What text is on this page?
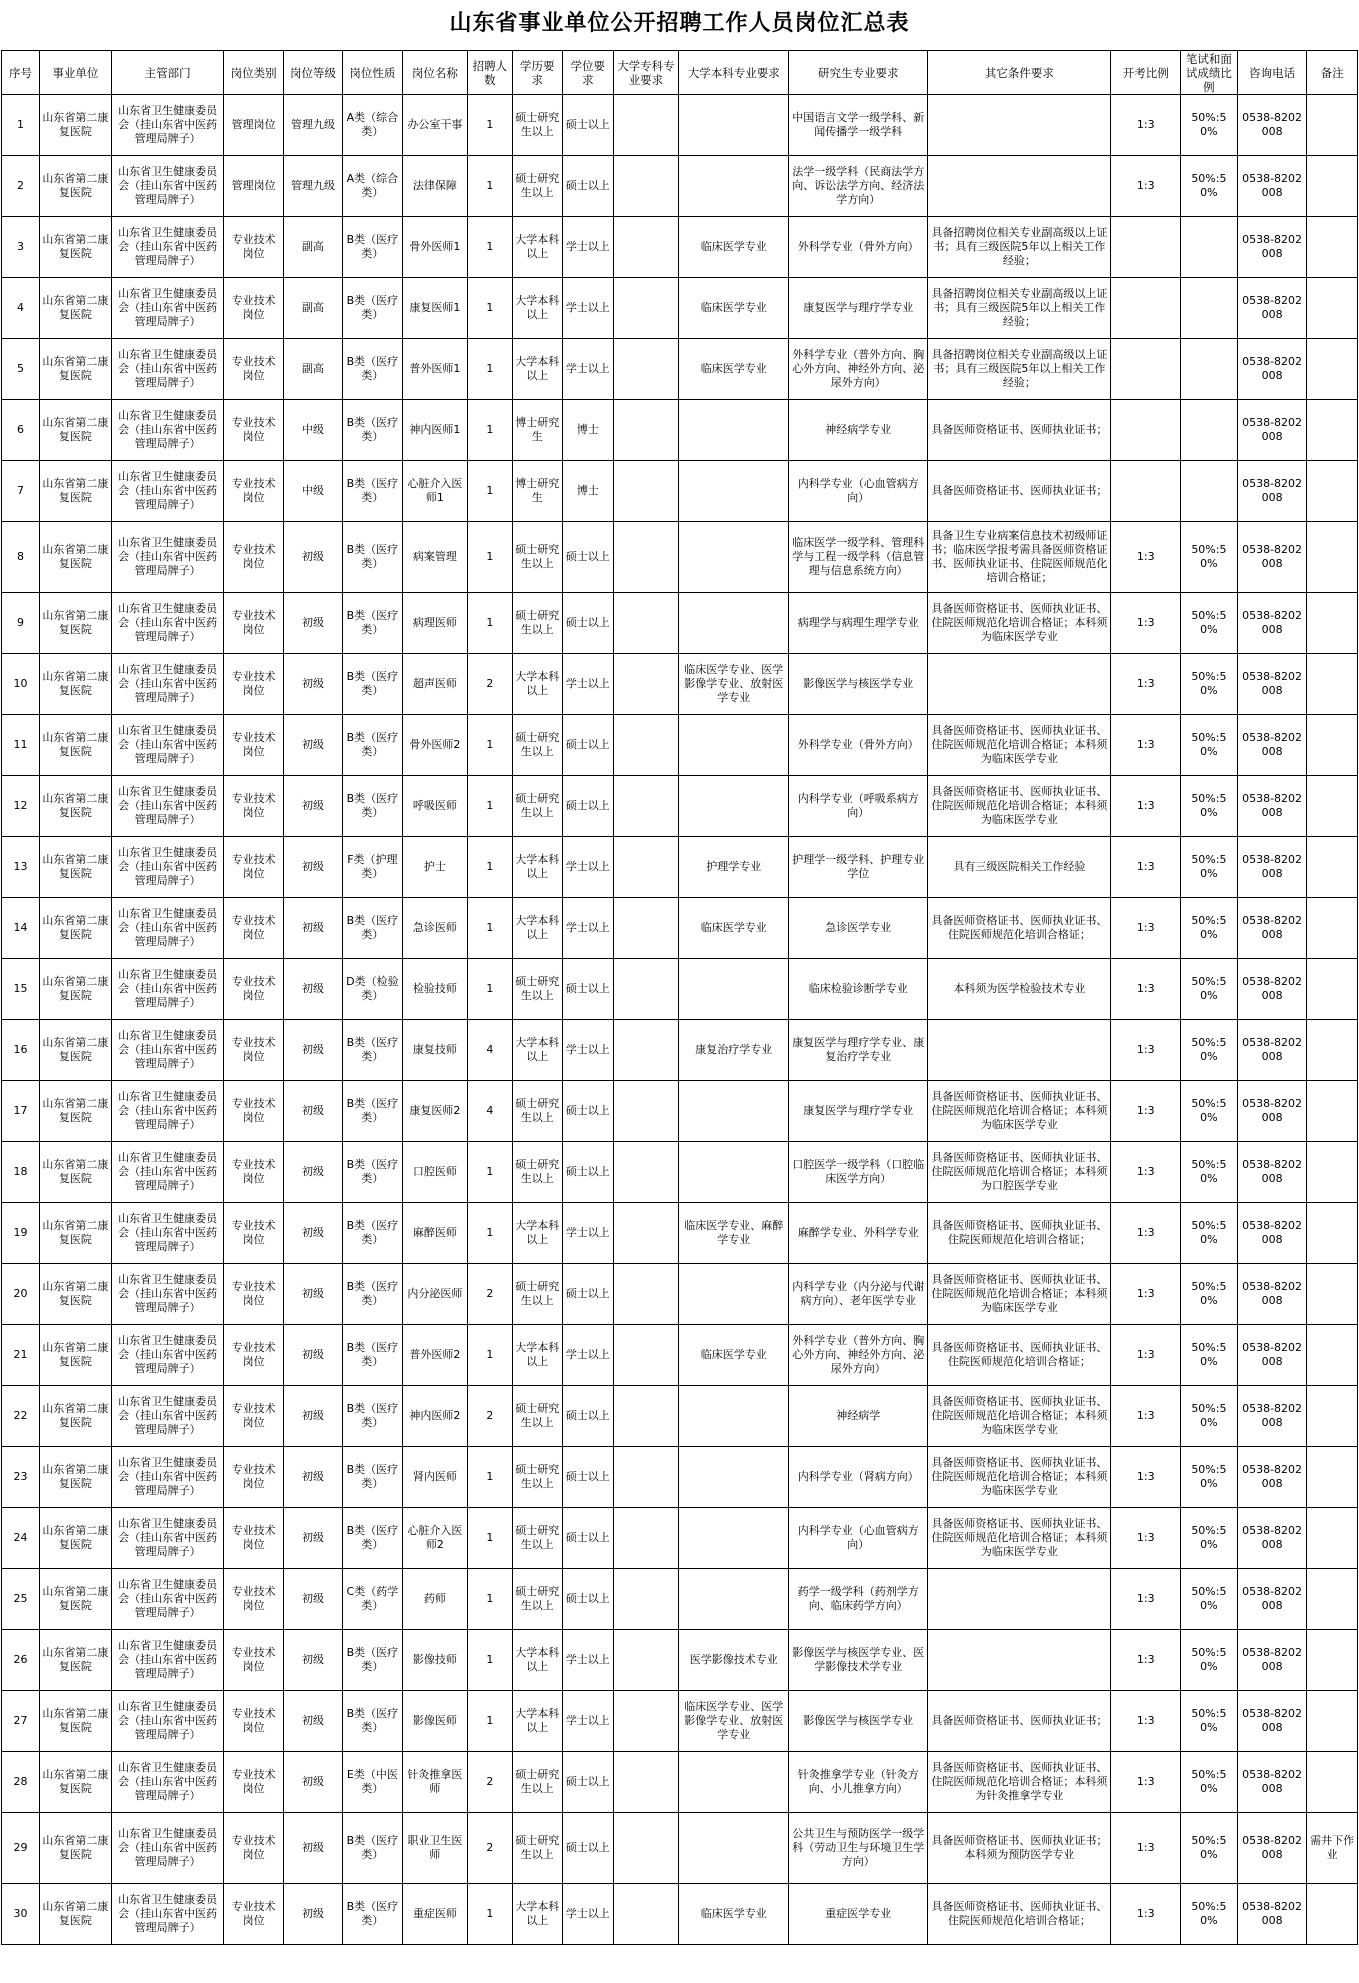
山东省事业单位公开招聘工作人员岗位汇总表
序号	事业单位	主管部门	岗位类别	岗位等级	岗位性质	岗位名称	招聘人数	学历要求	学位要求	大学专科专业要求	大学本科专业要求	研究生专业要求	其它条件要求	开考比例	笔试和面试成绩比例	咨询电话	备注
1	山东省第二康复医院	山东省卫生健康委员会（挂山东省中医药管理局牌子）	管理岗位	管理九级	A类（综合类）	办公室干事	1	硕士研究生以上	硕士以上			中国语言文学一级学科、新闻传播学一级学科		1:3	50%:50%	0538-8202008	
2	山东省第二康复医院	山东省卫生健康委员会（挂山东省中医药管理局牌子）	管理岗位	管理九级	A类（综合类）	法律保障	1	硕士研究生以上	硕士以上			法学一级学科（民商法学方向、诉讼法学方向、经济法学方向）		1:3	50%:50%	0538-8202008	
3	山东省第二康复医院	山东省卫生健康委员会（挂山东省中医药管理局牌子）	专业技术岗位	副高	B类（医疗类）	骨外医师1	1	大学本科以上	学士以上		临床医学专业	外科学专业（骨外方向）	具备招聘岗位相关专业副高级以上证书；具有三级医院5年以上相关工作经验；			0538-8202008	
4	山东省第二康复医院	山东省卫生健康委员会（挂山东省中医药管理局牌子）	专业技术岗位	副高	B类（医疗类）	康复医师1	1	大学本科以上	学士以上		临床医学专业	康复医学与理疗学专业	具备招聘岗位相关专业副高级以上证书；具有三级医院5年以上相关工作经验；			0538-8202008	
5	山东省第二康复医院	山东省卫生健康委员会（挂山东省中医药管理局牌子）	专业技术岗位	副高	B类（医疗类）	普外医师1	1	大学本科以上	学士以上		临床医学专业	外科学专业（普外方向、胸心外方向、神经外方向、泌尿外方向）	具备招聘岗位相关专业副高级以上证书；具有三级医院5年以上相关工作经验；			0538-8202008	
6	山东省第二康复医院	山东省卫生健康委员会（挂山东省中医药管理局牌子）	专业技术岗位	中级	B类（医疗类）	神内医师1	1	博士研究生	博士			神经病学专业	具备医师资格证书、医师执业证书；			0538-8202008	
7	山东省第二康复医院	山东省卫生健康委员会（挂山东省中医药管理局牌子）	专业技术岗位	中级	B类（医疗类）	心脏介入医师1	1	博士研究生	博士			内科学专业（心血管病方向）	具备医师资格证书、医师执业证书；			0538-8202008	
8	山东省第二康复医院	山东省卫生健康委员会（挂山东省中医药管理局牌子）	专业技术岗位	初级	B类（医疗类）	病案管理	1	硕士研究生以上	硕士以上			临床医学一级学科、管理科学与工程一级学科（信息管理与信息系统方向）	具备卫生专业病案信息技术初级师证书；临床医学报考需具备医师资格证书、医师执业证书、住院医师规范化培训合格证；	1:3	50%:50%	0538-8202008	
9	山东省第二康复医院	山东省卫生健康委员会（挂山东省中医药管理局牌子）	专业技术岗位	初级	B类（医疗类）	病理医师	1	硕士研究生以上	硕士以上			病理学与病理生理学专业	具备医师资格证书、医师执业证书、住院医师规范化培训合格证；本科须为临床医学专业	1:3	50%:50%	0538-8202008	
10	山东省第二康复医院	山东省卫生健康委员会（挂山东省中医药管理局牌子）	专业技术岗位	初级	B类（医疗类）	超声医师	2	大学本科以上	学士以上		临床医学专业、医学影像学专业、放射医学专业	影像医学与核医学专业		1:3	50%:50%	0538-8202008	
11	山东省第二康复医院	山东省卫生健康委员会（挂山东省中医药管理局牌子）	专业技术岗位	初级	B类（医疗类）	骨外医师2	1	硕士研究生以上	硕士以上			外科学专业（骨外方向）	具备医师资格证书、医师执业证书、住院医师规范化培训合格证；本科须为临床医学专业	1:3	50%:50%	0538-8202008	
12	山东省第二康复医院	山东省卫生健康委员会（挂山东省中医药管理局牌子）	专业技术岗位	初级	B类（医疗类）	呼吸医师	1	硕士研究生以上	硕士以上			内科学专业（呼吸系病方向）	具备医师资格证书、医师执业证书、住院医师规范化培训合格证；本科须为临床医学专业	1:3	50%:50%	0538-8202008	
13	山东省第二康复医院	山东省卫生健康委员会（挂山东省中医药管理局牌子）	专业技术岗位	初级	F类（护理类）	护士	1	大学本科以上	学士以上		护理学专业	护理学一级学科、护理专业学位	具有三级医院相关工作经验	1:3	50%:50%	0538-8202008	
14	山东省第二康复医院	山东省卫生健康委员会（挂山东省中医药管理局牌子）	专业技术岗位	初级	B类（医疗类）	急诊医师	1	大学本科以上	学士以上		临床医学专业	急诊医学专业	具备医师资格证书、医师执业证书、住院医师规范化培训合格证；	1:3	50%:50%	0538-8202008	
15	山东省第二康复医院	山东省卫生健康委员会（挂山东省中医药管理局牌子）	专业技术岗位	初级	D类（检验类）	检验技师	1	硕士研究生以上	硕士以上			临床检验诊断学专业	本科须为医学检验技术专业	1:3	50%:50%	0538-8202008	
16	山东省第二康复医院	山东省卫生健康委员会（挂山东省中医药管理局牌子）	专业技术岗位	初级	B类（医疗类）	康复技师	4	大学本科以上	学士以上		康复治疗学专业	康复医学与理疗学专业、康复治疗学专业		1:3	50%:50%	0538-8202008	
17	山东省第二康复医院	山东省卫生健康委员会（挂山东省中医药管理局牌子）	专业技术岗位	初级	B类（医疗类）	康复医师2	4	硕士研究生以上	硕士以上			康复医学与理疗学专业	具备医师资格证书、医师执业证书、住院医师规范化培训合格证；本科须为临床医学专业	1:3	50%:50%	0538-8202008	
18	山东省第二康复医院	山东省卫生健康委员会（挂山东省中医药管理局牌子）	专业技术岗位	初级	B类（医疗类）	口腔医师	1	硕士研究生以上	硕士以上			口腔医学一级学科（口腔临床医学方向）	具备医师资格证书、医师执业证书、住院医师规范化培训合格证；本科须为口腔医学专业	1:3	50%:50%	0538-8202008	
19	山东省第二康复医院	山东省卫生健康委员会（挂山东省中医药管理局牌子）	专业技术岗位	初级	B类（医疗类）	麻醉医师	1	大学本科以上	学士以上		临床医学专业、麻醉学专业	麻醉学专业、外科学专业	具备医师资格证书、医师执业证书、住院医师规范化培训合格证；	1:3	50%:50%	0538-8202008	
20	山东省第二康复医院	山东省卫生健康委员会（挂山东省中医药管理局牌子）	专业技术岗位	初级	B类（医疗类）	内分泌医师	2	硕士研究生以上	硕士以上			内科学专业（内分泌与代谢病方向）、老年医学专业	具备医师资格证书、医师执业证书、住院医师规范化培训合格证；本科须为临床医学专业	1:3	50%:50%	0538-8202008	
21	山东省第二康复医院	山东省卫生健康委员会（挂山东省中医药管理局牌子）	专业技术岗位	初级	B类（医疗类）	普外医师2	1	大学本科以上	学士以上		临床医学专业	外科学专业（普外方向、胸心外方向、神经外方向、泌尿外方向）	具备医师资格证书、医师执业证书、住院医师规范化培训合格证；	1:3	50%:50%	0538-8202008	
22	山东省第二康复医院	山东省卫生健康委员会（挂山东省中医药管理局牌子）	专业技术岗位	初级	B类（医疗类）	神内医师2	2	硕士研究生以上	硕士以上			神经病学	具备医师资格证书、医师执业证书、住院医师规范化培训合格证；本科须为临床医学专业	1:3	50%:50%	0538-8202008	
23	山东省第二康复医院	山东省卫生健康委员会（挂山东省中医药管理局牌子）	专业技术岗位	初级	B类（医疗类）	肾内医师	1	硕士研究生以上	硕士以上			内科学专业（肾病方向）	具备医师资格证书、医师执业证书、住院医师规范化培训合格证；本科须为临床医学专业	1:3	50%:50%	0538-8202008	
24	山东省第二康复医院	山东省卫生健康委员会（挂山东省中医药管理局牌子）	专业技术岗位	初级	B类（医疗类）	心脏介入医师2	1	硕士研究生以上	硕士以上			内科学专业（心血管病方向）	具备医师资格证书、医师执业证书、住院医师规范化培训合格证；本科须为临床医学专业	1:3	50%:50%	0538-8202008	
25	山东省第二康复医院	山东省卫生健康委员会（挂山东省中医药管理局牌子）	专业技术岗位	初级	C类（药学类）	药师	1	硕士研究生以上	硕士以上			药学一级学科（药剂学方向、临床药学方向）		1:3	50%:50%	0538-8202008	
26	山东省第二康复医院	山东省卫生健康委员会（挂山东省中医药管理局牌子）	专业技术岗位	初级	B类（医疗类）	影像技师	1	大学本科以上	学士以上		医学影像技术专业	影像医学与核医学专业、医学影像技术学专业		1:3	50%:50%	0538-8202008	
27	山东省第二康复医院	山东省卫生健康委员会（挂山东省中医药管理局牌子）	专业技术岗位	初级	B类（医疗类）	影像医师	1	大学本科以上	学士以上		临床医学专业、医学影像学专业、放射医学专业	影像医学与核医学专业	具备医师资格证书、医师执业证书；	1:3	50%:50%	0538-8202008	
28	山东省第二康复医院	山东省卫生健康委员会（挂山东省中医药管理局牌子）	专业技术岗位	初级	E类（中医类）	针灸推拿医师	2	硕士研究生以上	硕士以上			针灸推拿学专业（针灸方向、小儿推拿方向）	具备医师资格证书、医师执业证书、住院医师规范化培训合格证；本科须为针灸推拿学专业	1:3	50%:50%	0538-8202008	
29	山东省第二康复医院	山东省卫生健康委员会（挂山东省中医药管理局牌子）	专业技术岗位	初级	B类（医疗类）	职业卫生医师	2	硕士研究生以上	硕士以上			公共卫生与预防医学一级学科（劳动卫生与环境卫生学方向）	具备医师资格证书、医师执业证书；本科须为预防医学专业	1:3	50%:50%	0538-8202008	需井下作业
30	山东省第二康复医院	山东省卫生健康委员会（挂山东省中医药管理局牌子）	专业技术岗位	初级	B类（医疗类）	重症医师	1	大学本科以上	学士以上		临床医学专业	重症医学专业	具备医师资格证书、医师执业证书、住院医师规范化培训合格证；	1:3	50%:50%	0538-8202008	
